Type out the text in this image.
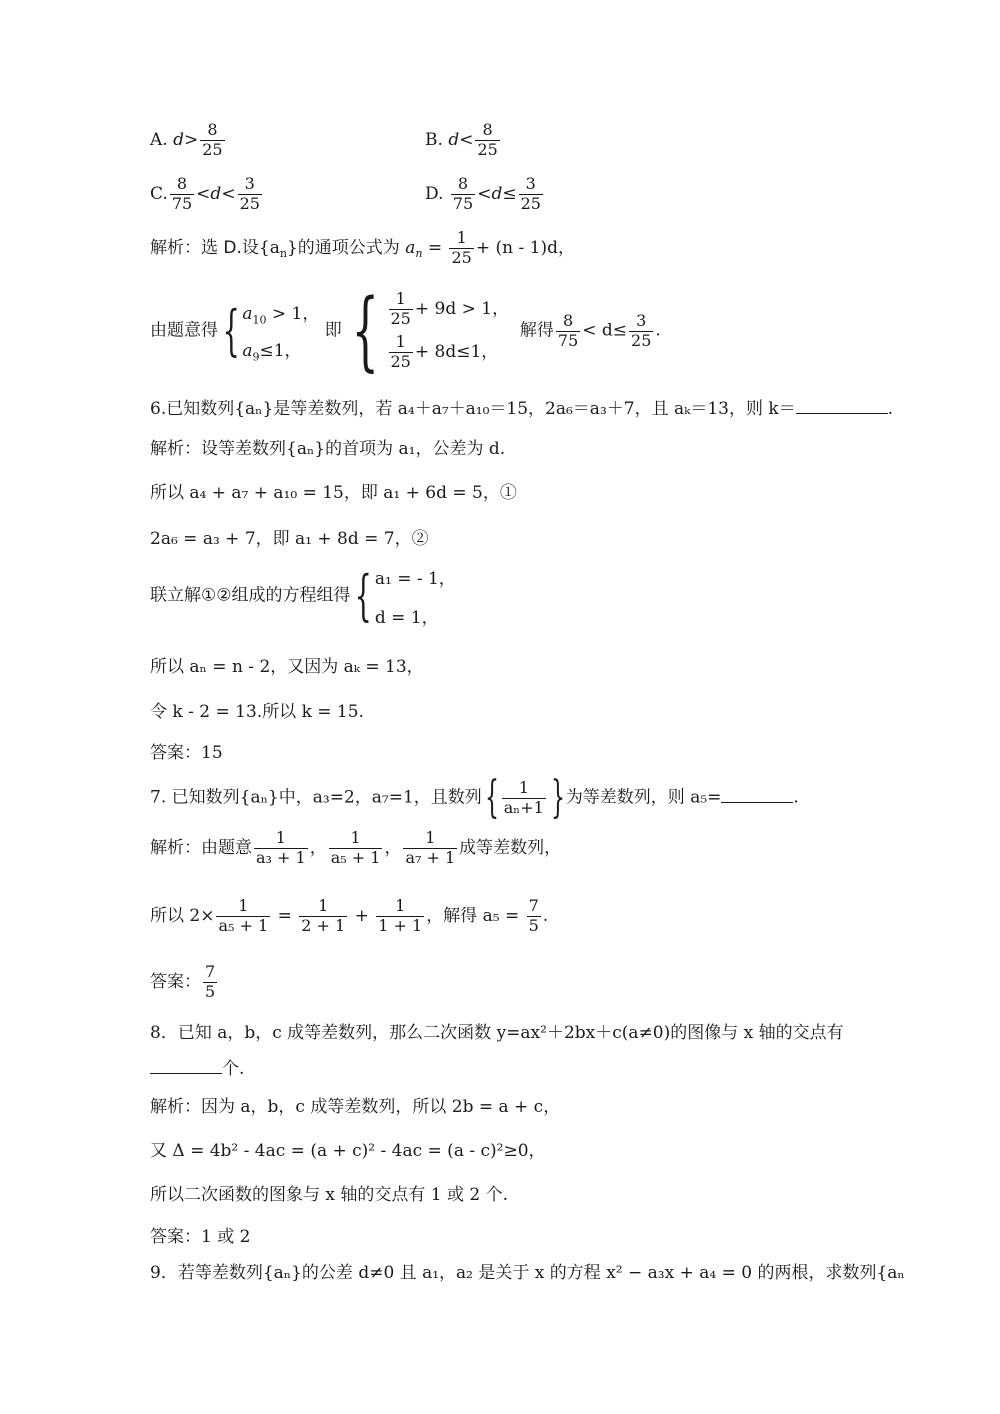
A. $d> \frac{8}{25}$	B. $d< \frac{8}{25}$
C. $\frac{8}{75} <d< \frac{3}{25}$	D. $\frac{8}{75} <d\le \frac{3}{25}$
解析：选 D.设$\{a_n\}$的通项公式为 $a_n = \frac{1}{25} + (n - 1)d$，
由题意得 { $a_{10} > 1$，
$a_9\le 1$，
即 { $\frac{1}{25} + 9d > 1$，
$\frac{1}{25} + 8d\le 1$，
解得 $\frac{8}{75} < d\le \frac{3}{25}$ .
6.已知数列{aₙ}是等差数列，若 a₄＋a₇＋a₁₀＝15，2a₆＝a₃＋7，且 aₖ＝13，则 k＝	.
解析：设等差数列{aₙ}的首项为 a₁，公差为 d.
所以 a₄ + a₇ + a₁₀ = 15，即 a₁ + 6d = 5，①
2a₆ = a₃ + 7，即 a₁ + 8d = 7，②
联立解①②组成的方程组得 { a₁ = - 1，
d = 1，
所以 aₙ = n - 2，又因为 aₖ = 13，
令 k - 2 = 13.所以 k = 15.
答案：15
7. 已知数列{aₙ}中，a₃=2，a₇=1，且数列 { $\frac{1}{\text{aₙ+1}}$ } 为等差数列，则 a₅=	.
解析：由题意 $\frac{1}{\text{a₃ + 1}}$ ， $\frac{1}{\text{a₅ + 1}}$ ， $\frac{1}{\text{a₇ + 1}}$ 成等差数列，
所以 $2\times \frac{1}{\text{a₅ + 1}} = \frac{1}{2 + 1} + \frac{1}{1 + 1}$ ，解得 $a_5 = \frac{7}{5}$ .
答案： $\frac{7}{5}$
8．已知 a，b，c 成等差数列，那么二次函数 y=ax²＋2bx＋c(a≠0)的图像与 x 轴的交点有
个.
解析：因为 a，b，c 成等差数列，所以 2b = a + c，
又 Δ = 4b² - 4ac = (a + c)² - 4ac = (a - c)²≥0，
所以二次函数的图象与 x 轴的交点有 1 或 2 个.
答案：1 或 2
9．若等差数列{aₙ}的公差 d≠0 且 a₁，a₂ 是关于 x 的方程 x² − a₃x + a₄ = 0 的两根，求数列{aₙ
